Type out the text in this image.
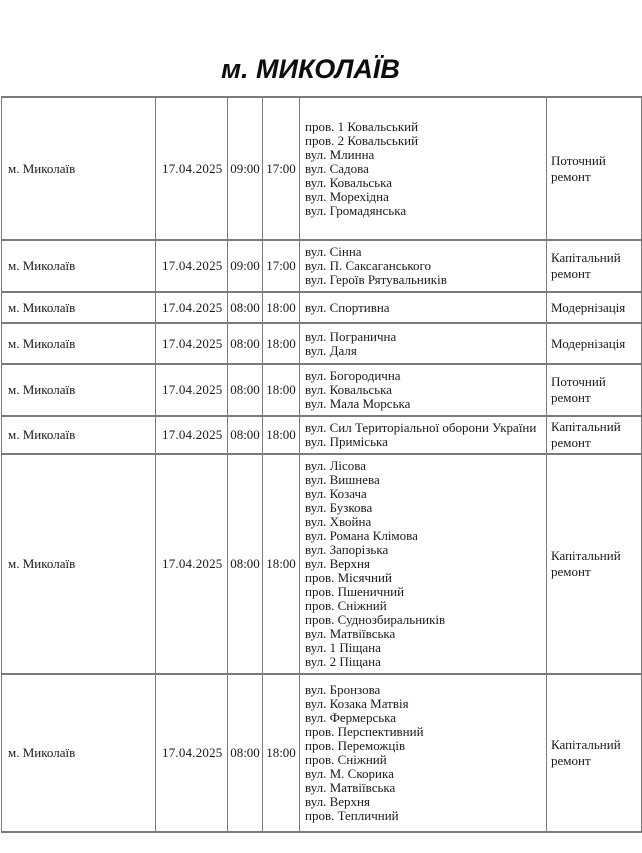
м. МИКОЛАЇВ
м. Миколаїв	17.04.2025	09:00	17:00	пров. 1 Ковальський
пров. 2 Ковальський
вул. Млинна
вул. Садова
вул. Ковальська
вул. Морехідна
вул. Громадянська	Поточний ремонт
м. Миколаїв	17.04.2025	09:00	17:00	вул. Сінна
вул. П. Саксаганського
вул. Героїв Рятувальників	Капітальний ремонт
м. Миколаїв	17.04.2025	08:00	18:00	вул. Спортивна	Модернізація
м. Миколаїв	17.04.2025	08:00	18:00	вул. Погранична
вул. Даля	Модернізація
м. Миколаїв	17.04.2025	08:00	18:00	вул. Богородична
вул. Ковальська
вул. Мала Морська	Поточний ремонт
м. Миколаїв	17.04.2025	08:00	18:00	вул. Сил Територіальної оборони України
вул. Приміська	Капітальний ремонт
м. Миколаїв	17.04.2025	08:00	18:00	вул. Лісова
вул. Вишнева
вул. Козача
вул. Бузкова
вул. Хвойна
вул. Романа Клімова
вул. Запорізька
вул. Верхня
пров. Місячний
пров. Пшеничний
пров. Сніжний
пров. Суднозбиральників
вул. Матвіївська
вул. 1 Піщана
вул. 2 Піщана	Капітальний ремонт
м. Миколаїв	17.04.2025	08:00	18:00	вул. Бронзова
вул. Козака Матвія
вул. Фермерська
пров. Перспективний
пров. Переможців
пров. Сніжний
вул. М. Скорика
вул. Матвіївська
вул. Верхня
пров. Тепличний	Капітальний ремонт
